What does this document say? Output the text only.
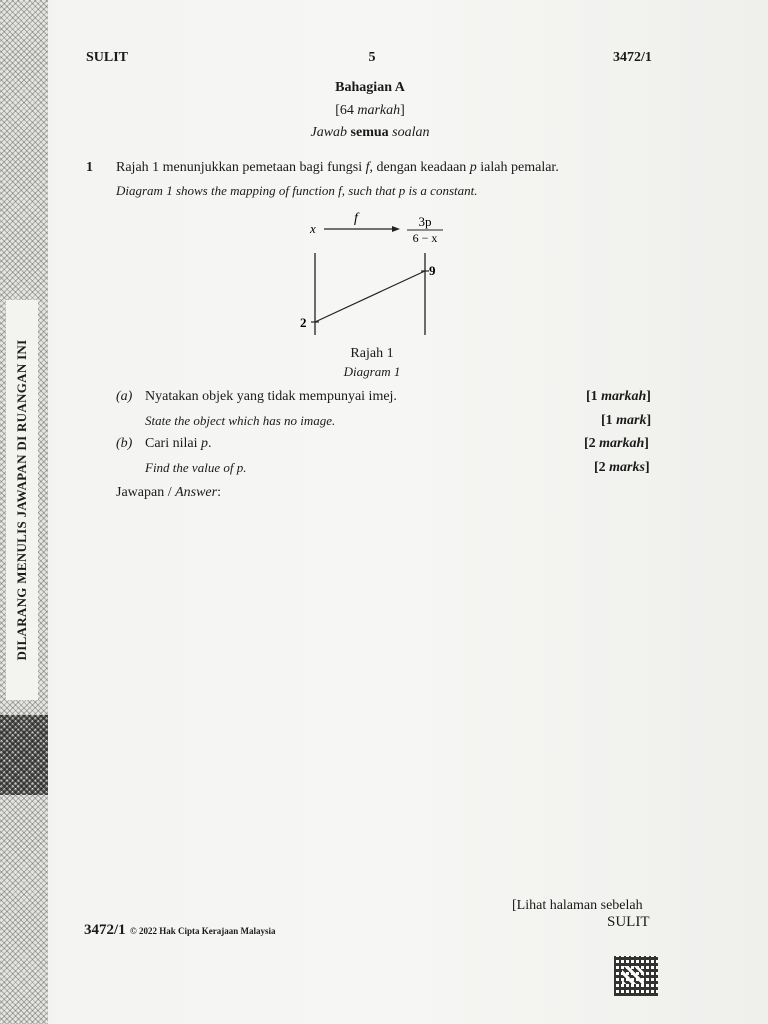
DILARANG MENULIS JAWAPAN DI RUANGAN INI
SULIT	5	3472/1
Bahagian A
[64 markah]
Jawab semua soalan
1 Rajah 1 menunjukkan pemetaan bagi fungsi f, dengan keadaan p ialah pemalar.
Diagram 1 shows the mapping of function f, such that p is a constant.
x
f	3p
6 − x
2
9
Rajah 1
Diagram 1
(a) Nyatakan objek yang tidak mempunyai imej.	[1 markah]
State the object which has no image.	[1 mark]
(b) Cari nilai p.	[2 markah]
Find the value of p.	[2 marks]
Jawapan / Answer:
[Lihat halaman sebelah
3472/1 © 2022 Hak Cipta Kerajaan Malaysia
SULIT
